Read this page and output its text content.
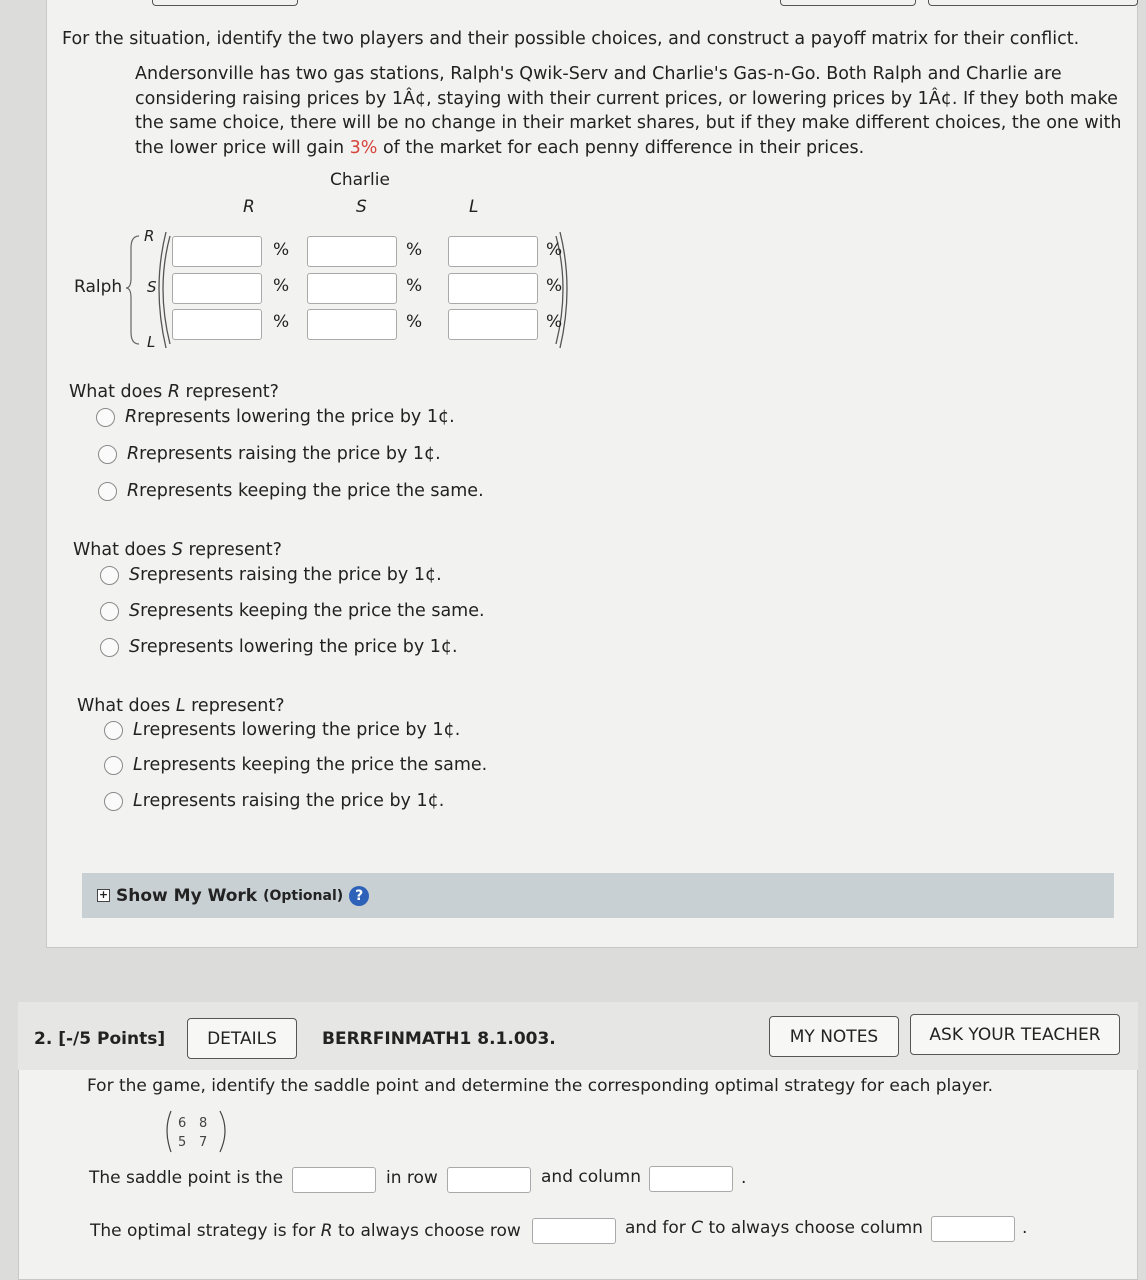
For the situation, identify the two players and their possible choices, and construct a payoff matrix for their conflict.
Andersonville has two gas stations, Ralph's Qwik-Serv and Charlie's Gas-n-Go. Both Ralph and Charlie are considering raising prices by 1Â¢, staying with their current prices, or lowering prices by 1Â¢. If they both make the same choice, there will be no change in their market shares, but if they make different choices, the one with the lower price will gain 3% of the market for each penny difference in their prices.
Charlie
R	S	L
Ralph
R
S
L
%	%	%
%	%	%
%	%	%
What does R represent?
R represents lowering the price by 1¢.
R represents raising the price by 1¢.
R represents keeping the price the same.
What does S represent?
S represents raising the price by 1¢.
S represents keeping the price the same.
S represents lowering the price by 1¢.
What does L represent?
L represents lowering the price by 1¢.
L represents keeping the price the same.
L represents raising the price by 1¢.
+ Show My Work (Optional) ?
2. [-/5 Points]	DETAILS	BERRFINMATH1 8.1.003.	MY NOTES	ASK YOUR TEACHER
For the game, identify the saddle point and determine the corresponding optimal strategy for each player.
6 8
5 7
The saddle point is the	in row	and column	.
The optimal strategy is for R to always choose row	and for C to always choose column	.
